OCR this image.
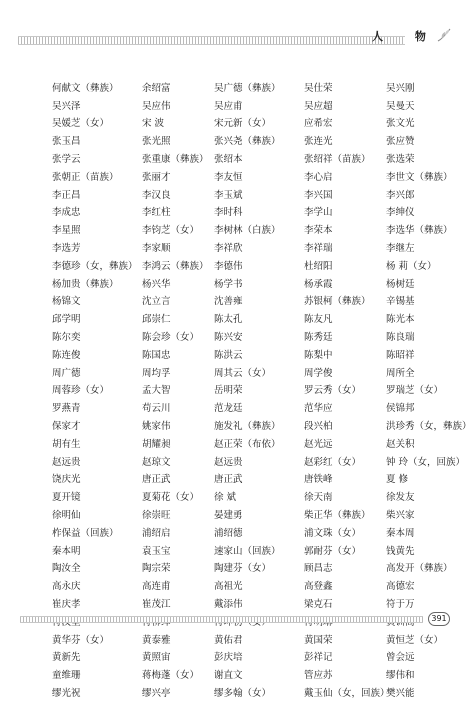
人 物
何献文（彝族）	余绍富	吴广德（彝族）	吴仕荣	吴兴刚
吴兴泽	吴应伟	吴应甫	吴应超	吴曼天
吴媛芝（女）	宋 波	宋元新（女）	应希宏	张文光
张玉昌	张光照	张兴尧（彝族）	张连光	张应赞
张学云	张重康（彝族） 张绍本	张绍祥（苗族）	张选荣
张朝正（苗族）	张丽才	李友恒	李心启	李世文（彝族）
李正昌	李汉良	李玉斌	李兴国	李兴郎
李成忠	李红柱	李时科	李学山	李绅仪
李星照	李钧芝（女）	李树林（白族）	李荣本	李选华（彝族）
李选芳	李家顺	李祥欣	李祥瑞	李继左
李德珍（女，彝族） 李鸿云（彝族） 李德伟	杜绍阳	杨 莉（女）
杨加贵（彝族）	杨兴华	杨学书	杨承霞	杨树廷
杨锦文	沈立言	沈善雍	苏银柯（彝族）	辛锡基
邱学明	邱崇仁	陈太孔	陈友凡	陈光本
陈尔奕	陈会珍（女）	陈兴安	陈秀廷	陈良瑞
陈连俊	陈国忠	陈洪云	陈梨中	陈昭祥
周广德	周均孚	周其云（女）	周学俊	周所全
周蓉珍（女）	孟大智	岳明荣	罗云秀（女）	罗瑞芝（女）
罗燕青	苟云川	范龙廷	范华应	侯锦邦
保家才	姚家伟	施发礼（彝族）	段兴柏	洪珍秀（女，彝族）
胡有生	胡耀昶	赵正荣（布依）	赵光远	赵关积
赵远贵	赵琼文	赵远贵	赵彩红（女）	钟 玲（女，回族）
饶庆光	唐正武	唐正武	唐铁峰	夏 修
夏开镜	夏菊花（女）	徐 斌	徐天南	徐发友
徐明仙	徐崇旺	晏建勇	柴正华（彝族）	柴兴家
柞保益（回族）	浦绍启	浦绍德	浦文珠（女）	秦本周
秦本明	袁玉宝	速家山（回族）	郭耐芬（女）	钱黄先
陶汝全	陶宗荣	陶建芬（女）	顾昌志	高发开（彝族）
高永庆	高连甫	高祖光	高登鑫	高德宏
崔庆孝	崔茂江	戴添伟	梁克石	符于万
黄华芬（女）	黄泰雅	黄佑君	黄国荣	黄恒芝（女）
黄新先	黄照宙	彭庆培	彭祥记	曾会远
童维珊	蒋梅蓬（女）	谢直文	管应苏	缪伟和
缪光祝	缪兴亭	缪多翰（女）	戴玉仙（女，回族）
樊兴能
391
